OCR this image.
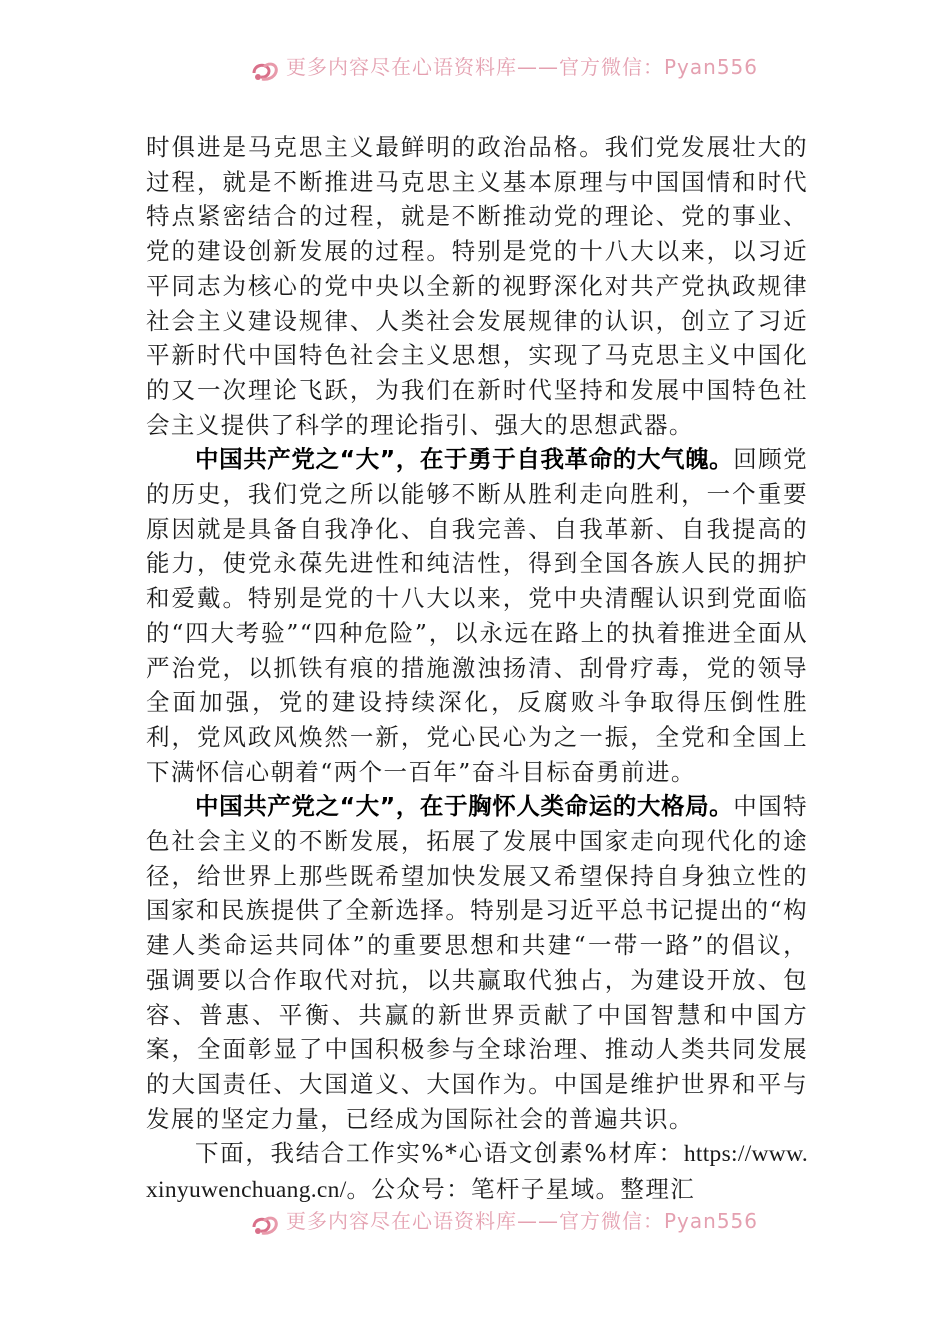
更多内容尽在心语资料库——官方微信：Pyan556

时俱进是马克思主义最鲜明的政治品格。我们党发展壮大的过程，就是不断推进马克思主义基本原理与中国国情和时代特点紧密结合的过程，就是不断推动党的理论、党的事业、党的建设创新发展的过程。特别是党的十八大以来，以习近平同志为核心的党中央以全新的视野深化对共产党执政规律社会主义建设规律、人类社会发展规律的认识，创立了习近平新时代中国特色社会主义思想，实现了马克思主义中国化的又一次理论飞跃，为我们在新时代坚持和发展中国特色社会主义提供了科学的理论指引、强大的思想武器。

中国共产党之“大”，在于勇于自我革命的大气魄。回顾党的历史，我们党之所以能够不断从胜利走向胜利，一个重要原因就是具备自我净化、自我完善、自我革新、自我提高的能力，使党永葆先进性和纯洁性，得到全国各族人民的拥护和爱戴。特别是党的十八大以来，党中央清醒认识到党面临的“四大考验”“四种危险”，以永远在路上的执着推进全面从严治党，以抓铁有痕的措施激浊扬清、刮骨疗毒，党的领导全面加强，党的建设持续深化，反腐败斗争取得压倒性胜利，党风政风焕然一新，党心民心为之一振，全党和全国上下满怀信心朝着“两个一百年”奋斗目标奋勇前进。

中国共产党之“大”，在于胸怀人类命运的大格局。中国特色社会主义的不断发展，拓展了发展中国家走向现代化的途径，给世界上那些既希望加快发展又希望保持自身独立性的国家和民族提供了全新选择。特别是习近平总书记提出的“构建人类命运共同体”的重要思想和共建“一带一路”的倡议，强调要以合作取代对抗，以共赢取代独占，为建设开放、包容、普惠、平衡、共赢的新世界贡献了中国智慧和中国方案，全面彰显了中国积极参与全球治理、推动人类共同发展的大国责任、大国道义、大国作为。中国是维护世界和平与发展的坚定力量，已经成为国际社会的普遍共识。

下面，我结合工作实%*心语文创素%材库：https://www.xinyuwenchuang.cn/。公众号：笔杆子星域。整理汇

更多内容尽在心语资料库——官方微信：Pyan556
